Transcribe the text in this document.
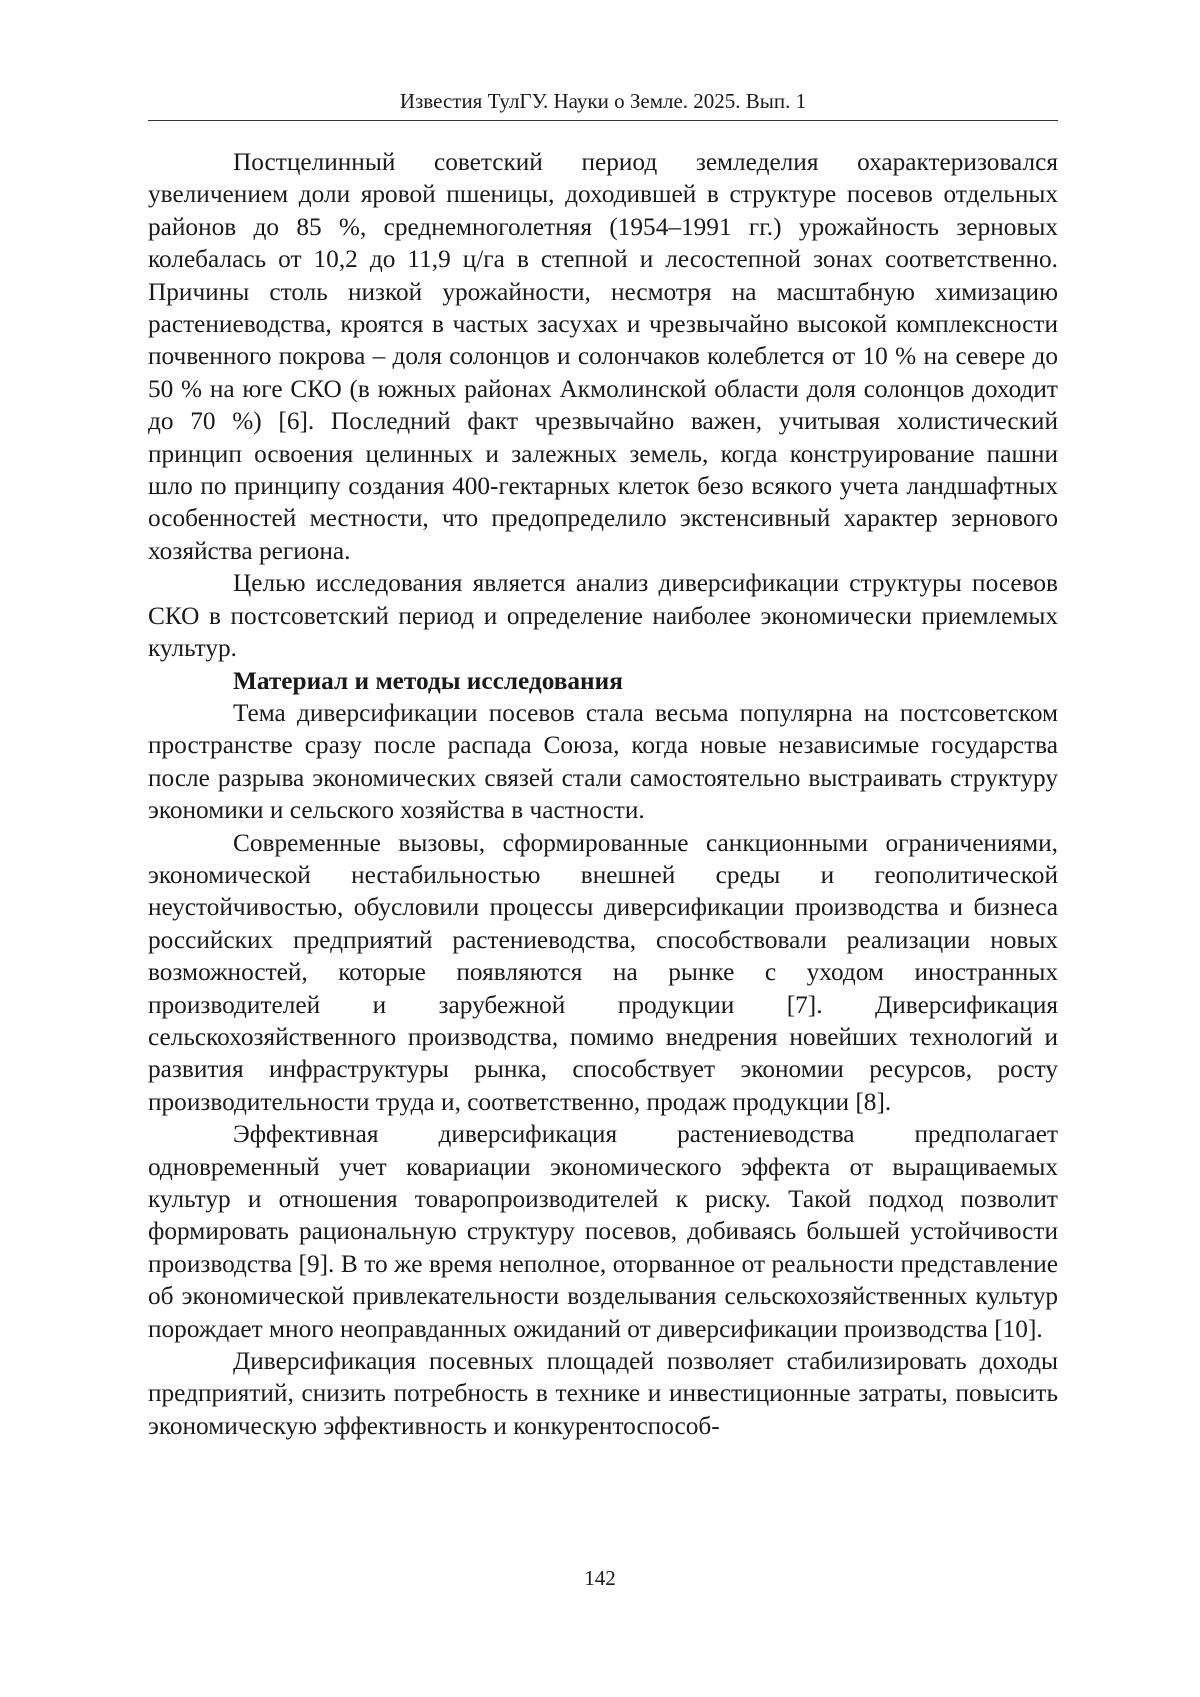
Известия ТулГУ. Науки о Земле. 2025. Вып. 1

Постцелинный советский период земледелия охарактеризовался увеличением доли яровой пшеницы, доходившей в структуре посевов отдельных районов до 85 %, среднемноголетняя (1954–1991 гг.) урожайность зерновых колебалась от 10,2 до 11,9 ц/га в степной и лесостепной зонах соответственно. Причины столь низкой урожайности, несмотря на масштабную химизацию растениеводства, кроятся в частых засухах и чрезвычайно высокой комплексности почвенного покрова – доля солонцов и солончаков колеблется от 10 % на севере до 50 % на юге СКО (в южных районах Акмолинской области доля солонцов доходит до 70 %) [6]. Последний факт чрезвычайно важен, учитывая холистический принцип освоения целинных и залежных земель, когда конструирование пашни шло по принципу создания 400-гектарных клеток безо всякого учета ландшафтных особенностей местности, что предопределило экстенсивный характер зернового хозяйства региона.

Целью исследования является анализ диверсификации структуры посевов СКО в постсоветский период и определение наиболее экономически приемлемых культур.

Материал и методы исследования

Тема диверсификации посевов стала весьма популярна на постсоветском пространстве сразу после распада Союза, когда новые независимые государства после разрыва экономических связей стали самостоятельно выстраивать структуру экономики и сельского хозяйства в частности.

Современные вызовы, сформированные санкционными ограничениями, экономической нестабильностью внешней среды и геополитической неустойчивостью, обусловили процессы диверсификации производства и бизнеса российских предприятий растениеводства, способствовали реализации новых возможностей, которые появляются на рынке с уходом иностранных производителей и зарубежной продукции [7]. Диверсификация сельскохозяйственного производства, помимо внедрения новейших технологий и развития инфраструктуры рынка, способствует экономии ресурсов, росту производительности труда и, соответственно, продаж продукции [8].

Эффективная диверсификация растениеводства предполагает одновременный учет ковариации экономического эффекта от выращиваемых культур и отношения товаропроизводителей к риску. Такой подход позволит формировать рациональную структуру посевов, добиваясь большей устойчивости производства [9]. В то же время неполное, оторванное от реальности представление об экономической привлекательности возделывания сельскохозяйственных культур порождает много неоправданных ожиданий от диверсификации производства [10].

Диверсификация посевных площадей позволяет стабилизировать доходы предприятий, снизить потребность в технике и инвестиционные затраты, повысить экономическую эффективность и конкурентоспособ-

142
